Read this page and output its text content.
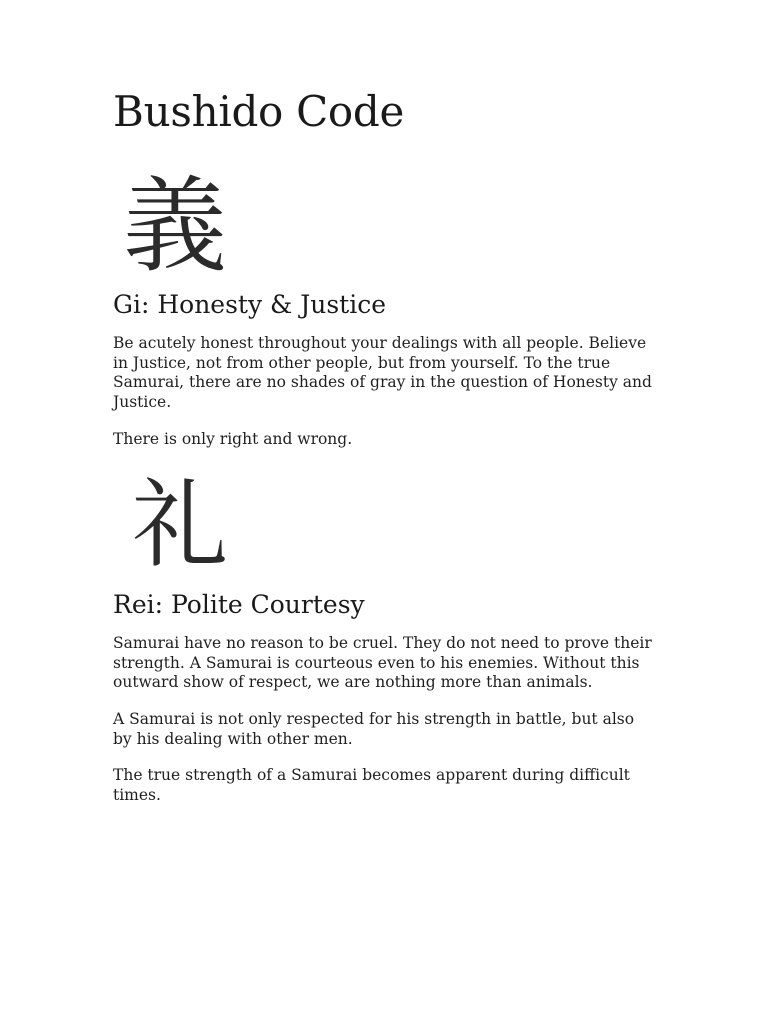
Bushido Code
義
Gi: Honesty & Justice

Be acutely honest throughout your dealings with all people. Believe in Justice, not from other people, but from yourself. To the true Samurai, there are no shades of gray in the question of Honesty and Justice.

There is only right and wrong.

礼
Rei: Polite Courtesy

Samurai have no reason to be cruel. They do not need to prove their strength. A Samurai is courteous even to his enemies. Without this outward show of respect, we are nothing more than animals.

A Samurai is not only respected for his strength in battle, but also by his dealing with other men.

The true strength of a Samurai becomes apparent during difficult times.
